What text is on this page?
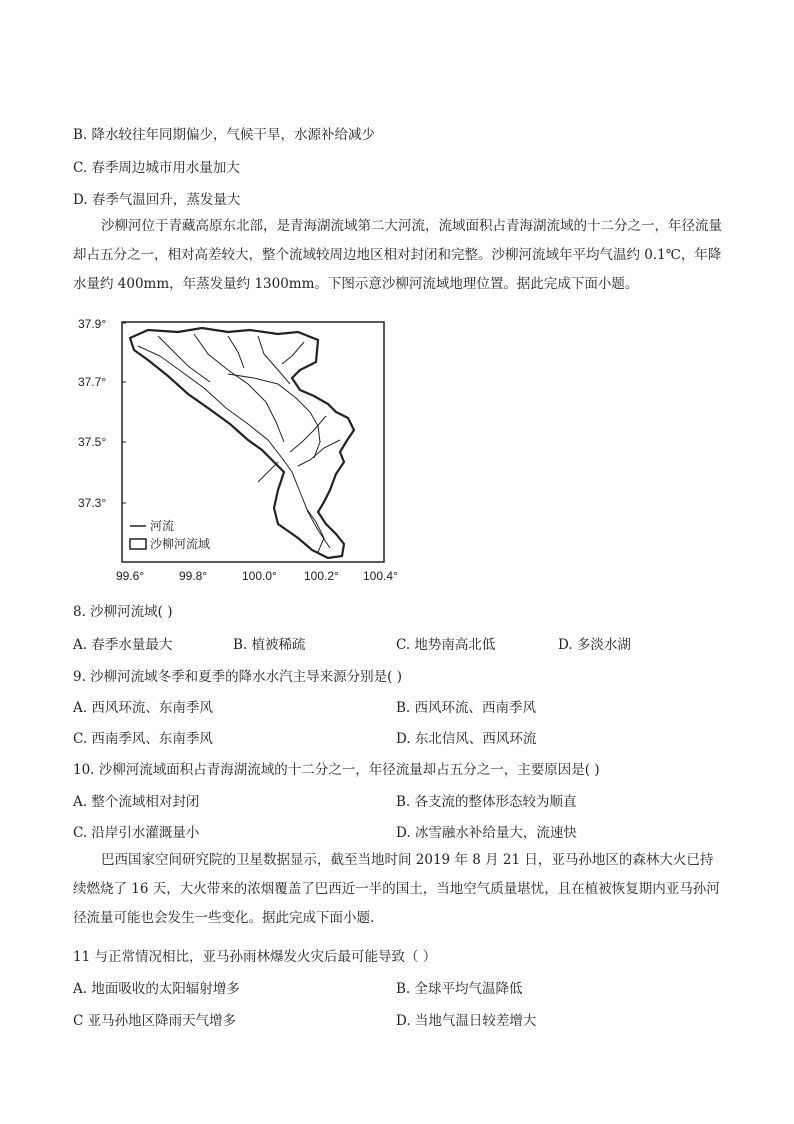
B. 降水较往年同期偏少，气候干旱，水源补给减少
C. 春季周边城市用水量加大
D. 春季气温回升，蒸发量大
沙柳河位于青藏高原东北部，是青海湖流域第二大河流，流域面积占青海湖流域的十二分之一，年径流量却占五分之一，相对高差较大，整个流域较周边地区相对封闭和完整。沙柳河流域年平均气温约 0.1℃，年降水量约 400mm，年蒸发量约 1300mm。下图示意沙柳河流域地理位置。据此完成下面小题。
37.9°
37.7°
37.5°
37.3°
99.6°	99.8°	100.0° 100.2° 100.4°
河流
沙柳河流域
8. 沙柳河流域( )
A. 春季水量最大	B. 植被稀疏	C. 地势南高北低	D. 多淡水湖
9. 沙柳河流域冬季和夏季的降水水汽主导来源分别是( )
A. 西风环流、东南季风	B. 西风环流、西南季风
C. 西南季风、东南季风	D. 东北信风、西风环流
10. 沙柳河流域面积占青海湖流域的十二分之一，年径流量却占五分之一，主要原因是( )
A. 整个流域相对封闭	B. 各支流的整体形态较为顺直
C. 沿岸引水灌溉量小	D. 冰雪融水补给量大，流速快
巴西国家空间研究院的卫星数据显示，截至当地时间 2019 年 8 月 21 日，亚马孙地区的森林大火已持续燃烧了 16 天，大火带来的浓烟覆盖了巴西近一半的国土，当地空气质量堪忧，且在植被恢复期内亚马孙河径流量可能也会发生一些变化。据此完成下面小题.
11 与正常情况相比，亚马孙雨林爆发火灾后最可能导致（ ）
A. 地面吸收的太阳辐射增多	B. 全球平均气温降低
C 亚马孙地区降雨天气增多	D. 当地气温日较差增大
